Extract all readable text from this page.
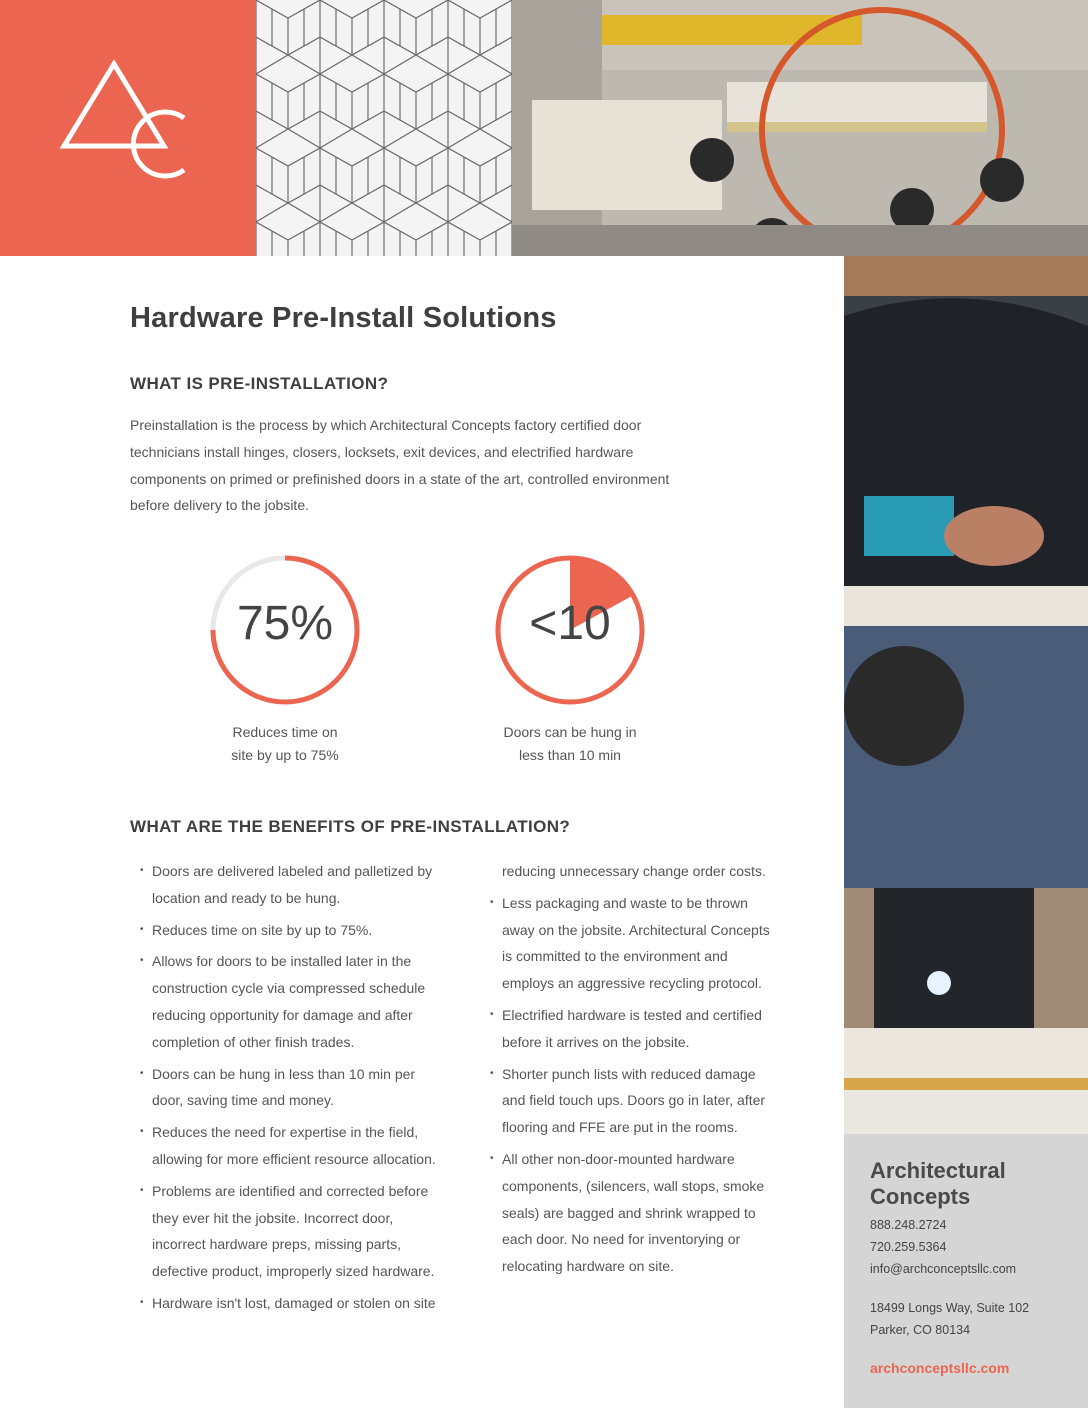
Hardware Pre-Install Solutions
WHAT IS PRE-INSTALLATION?

Preinstallation is the process by which Architectural Concepts factory certified door technicians install hinges, closers, locksets, exit devices, and electrified hardware components on primed or prefinished doors in a state of the art, controlled environment before delivery to the jobsite.

75%
Reduces time on
site by up to 75%
<10
Doors can be hung in
less than 10 min
WHAT ARE THE BENEFITS OF PRE-INSTALLATION?
• Doors are delivered labeled and palletized by location and ready to be hung.
• Reduces time on site by up to 75%.
• Allows for doors to be installed later in the construction cycle via compressed schedule reducing opportunity for damage and after completion of other finish trades.
• Doors can be hung in less than 10 min per door, saving time and money.
• Reduces the need for expertise in the field, allowing for more efficient resource allocation.
• Problems are identified and corrected before they ever hit the jobsite. Incorrect door, incorrect hardware preps, missing parts, defective product, improperly sized hardware.
• Hardware isn't lost, damaged or stolen on site
reducing unnecessary change order costs.
• Less packaging and waste to be thrown away on the jobsite. Architectural Concepts is committed to the environment and employs an aggressive recycling protocol.
• Electrified hardware is tested and certified before it arrives on the jobsite.
• Shorter punch lists with reduced damage and field touch ups. Doors go in later, after flooring and FFE are put in the rooms.
• All other non-door-mounted hardware components, (silencers, wall stops, smoke seals) are bagged and shrink wrapped to each door. No need for inventorying or relocating hardware on site.
Architectural
Concepts
888.248.2724
720.259.5364
info@archconceptsllc.com
18499 Longs Way, Suite 102
Parker, CO 80134
archconceptsllc.com
